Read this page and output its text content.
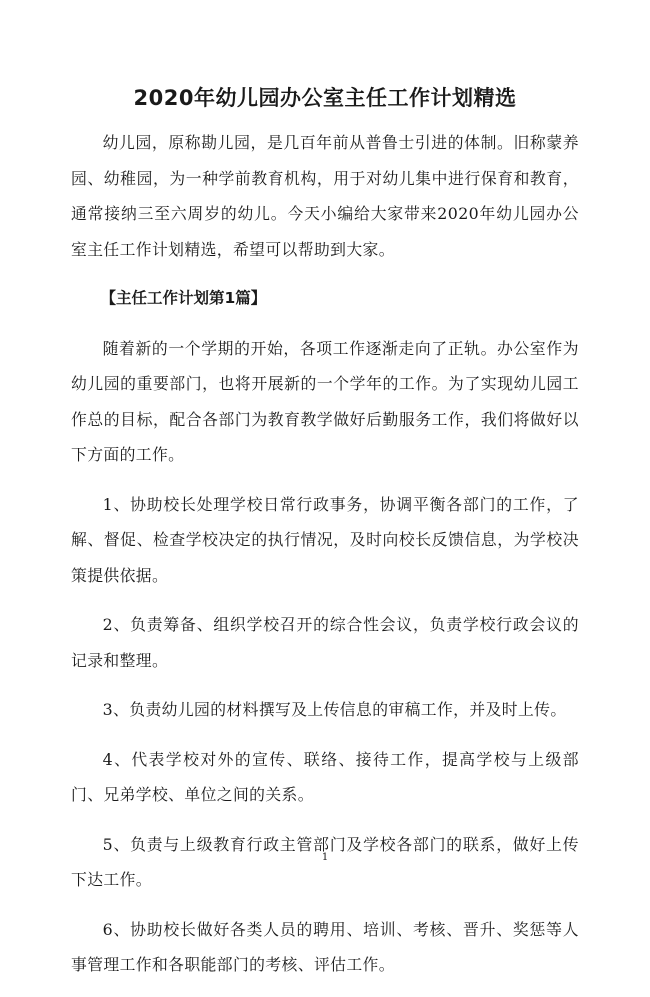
2020年幼儿园办公室主任工作计划精选

幼儿园，原称勘儿园，是几百年前从普鲁士引进的体制。旧称蒙养园、幼稚园，为一种学前教育机构，用于对幼儿集中进行保育和教育，通常接纳三至六周岁的幼儿。今天小编给大家带来2020年幼儿园办公室主任工作计划精选，希望可以帮助到大家。

【主任工作计划第1篇】

随着新的一个学期的开始，各项工作逐渐走向了正轨。办公室作为幼儿园的重要部门，也将开展新的一个学年的工作。为了实现幼儿园工作总的目标，配合各部门为教育教学做好后勤服务工作，我们将做好以下方面的工作。

1、协助校长处理学校日常行政事务，协调平衡各部门的工作，了解、督促、检查学校决定的执行情况，及时向校长反馈信息，为学校决策提供依据。

2、负责筹备、组织学校召开的综合性会议，负责学校行政会议的记录和整理。

3、负责幼儿园的材料撰写及上传信息的审稿工作，并及时上传。

4、代表学校对外的宣传、联络、接待工作，提高学校与上级部门、兄弟学校、单位之间的关系。

5、负责与上级教育行政主管部门及学校各部门的联系，做好上传下达工作。

6、协助校长做好各类人员的聘用、培训、考核、晋升、奖惩等人事管理工作和各职能部门的考核、评估工作。

1
